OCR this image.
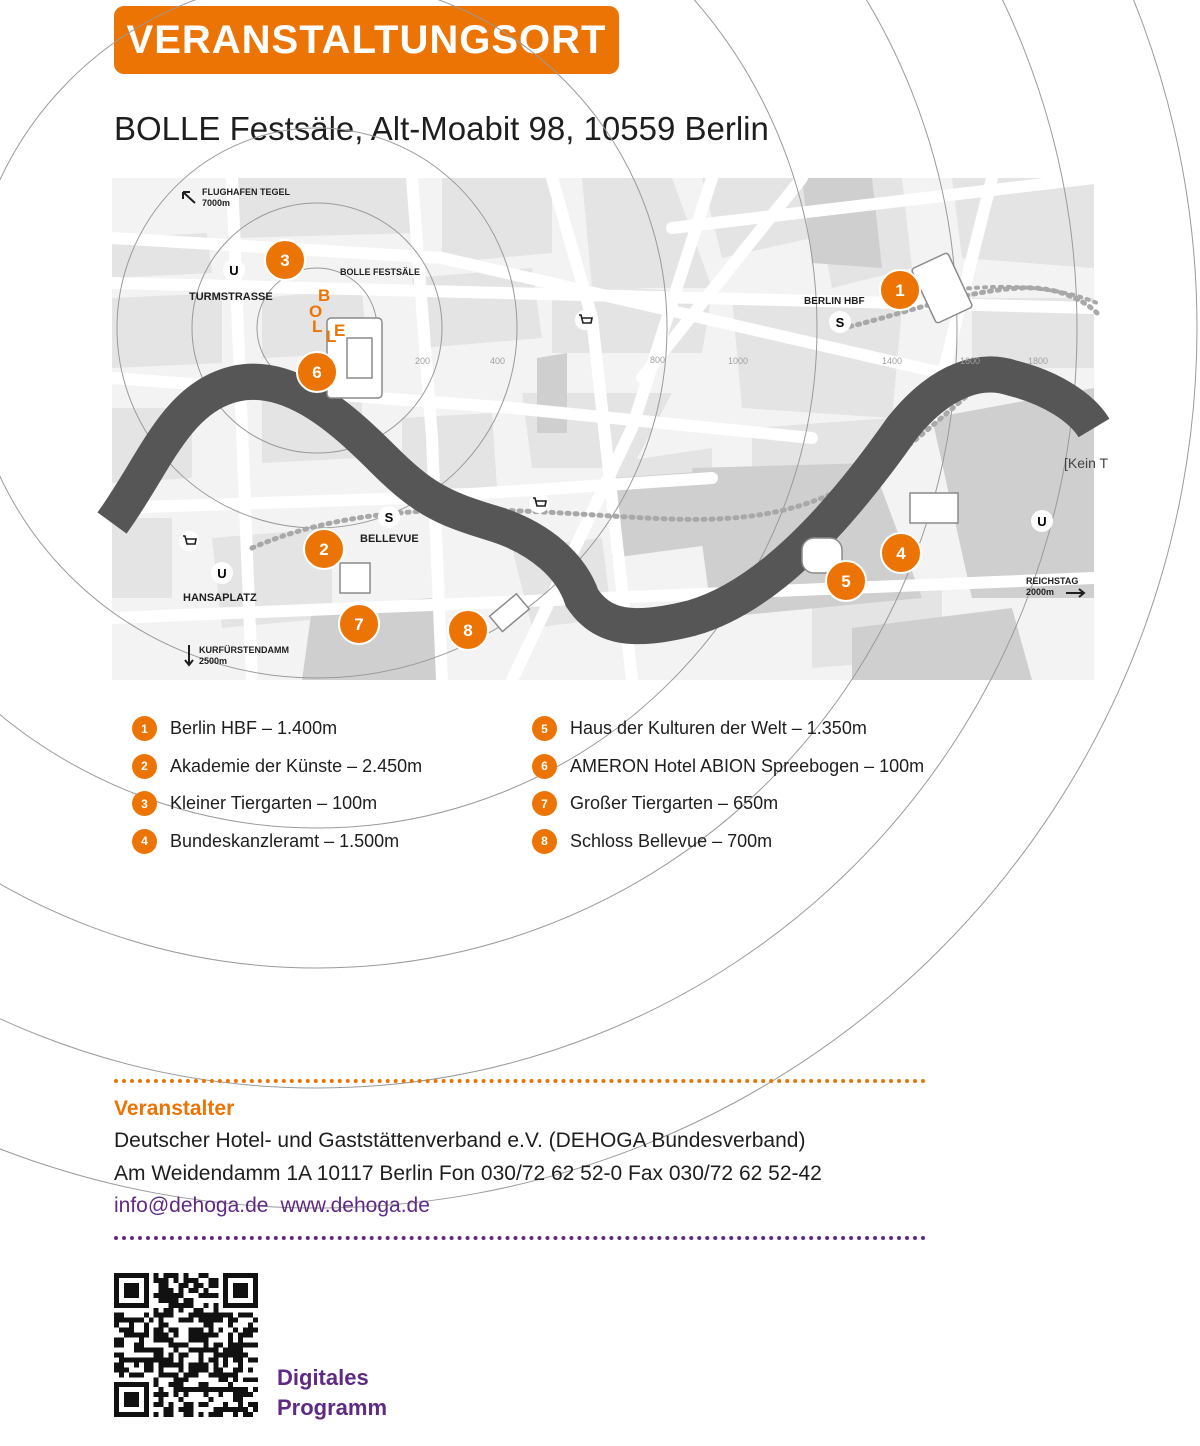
VERANSTALTUNGSORT
BOLLE Festsäle, Alt-Moabit 98, 10559 Berlin
200	400	800	1000	1400	1600	1800
FLUGHAFEN TEGEL
7000m
TURMSTRASSE
BOLLE FESTSÄLE
BERLIN HBF
BELLEVUE
HANSAPLATZ
KURFÜRSTENDAMM
2500m
REICHSTAG
2000m
[Kein T
U
U
U
S
S
B
O
L
L
E
1
2
3
4
5
6
7	8
1	Berlin HBF – 1.400m
2	Akademie der Künste – 2.450m
3	Kleiner Tiergarten – 100m
4	Bundeskanzleramt – 1.500m
5	Haus der Kulturen der Welt – 1.350m
6	AMERON Hotel ABION Spreebogen – 100m
7	Großer Tiergarten – 650m
8	Schloss Bellevue – 700m
Veranstalter
Deutscher Hotel- und Gaststättenverband e.V. (DEHOGA Bundesverband)
Am Weidendamm 1A 10117 Berlin Fon 030/72 62 52-0 Fax 030/72 62 52-42
info@dehoga.de www.dehoga.de
Digitales
Programm
